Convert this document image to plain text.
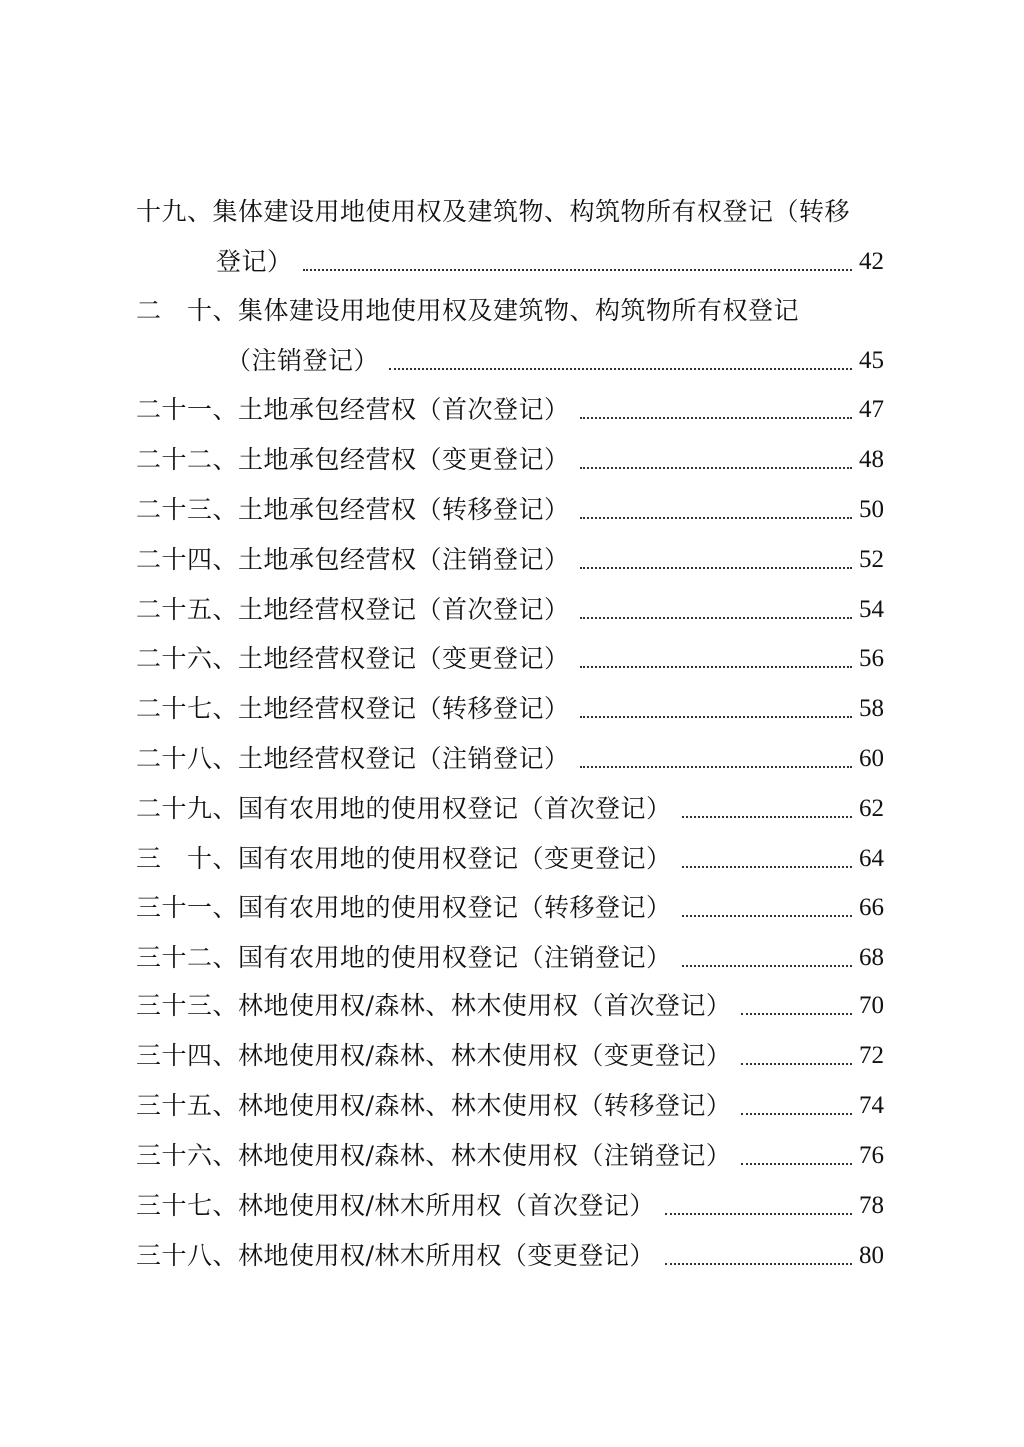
十九、集体建设用地使用权及建筑物、构筑物所有权登记（转移
登记）	42
二　十、集体建设用地使用权及建筑物、构筑物所有权登记
（注销登记）	45
二十一、土地承包经营权（首次登记）	47
二十二、土地承包经营权（变更登记）	48
二十三、土地承包经营权（转移登记）	50
二十四、土地承包经营权（注销登记）	52
二十五、土地经营权登记（首次登记）	54
二十六、土地经营权登记（变更登记）	56
二十七、土地经营权登记（转移登记）	58
二十八、土地经营权登记（注销登记）	60
二十九、国有农用地的使用权登记（首次登记）	62
三　十、国有农用地的使用权登记（变更登记）	64
三十一、国有农用地的使用权登记（转移登记）	66
三十二、国有农用地的使用权登记（注销登记）	68
三十三、林地使用权/森林、林木使用权（首次登记）	70
三十四、林地使用权/森林、林木使用权（变更登记）	72
三十五、林地使用权/森林、林木使用权（转移登记）	74
三十六、林地使用权/森林、林木使用权（注销登记）	76
三十七、林地使用权/林木所用权（首次登记）	78
三十八、林地使用权/林木所用权（变更登记）	80
